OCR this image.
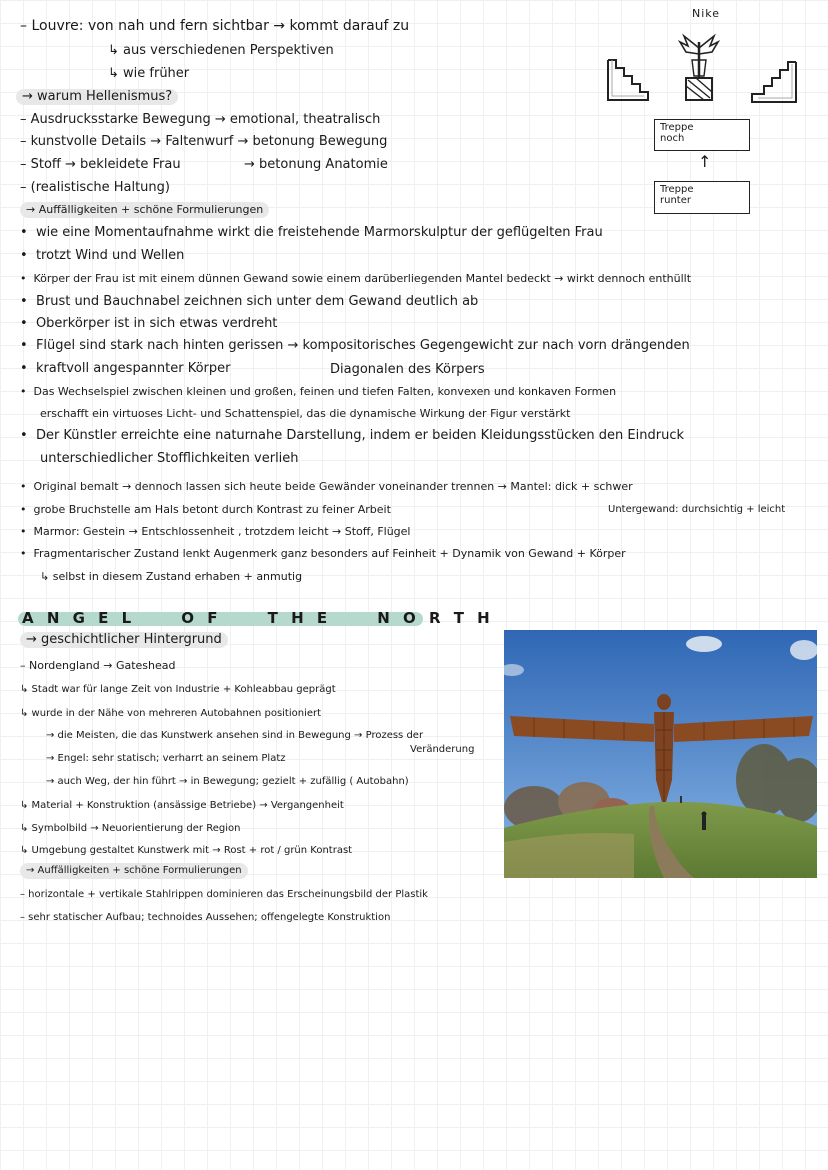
– Louvre: von nah und fern sichtbar → kommt darauf zu
↳ aus verschiedenen Perspektiven
↳ wie früher
→ warum Hellenismus?
– Ausdrucksstarke Bewegung → emotional, theatralisch
– kunstvolle Details → Faltenwurf → betonung Bewegung
– Stoff → bekleidete Frau	→ betonung Anatomie
– (realistische Haltung)
→ Auffälligkeiten + schöne Formulierungen
Nike
Treppe
noch
↑
Treppe
runter
•  wie eine Momentaufnahme wirkt die freistehende Marmorskulptur der geflügelten Frau
•  trotzt Wind und Wellen
•  Körper der Frau ist mit einem dünnen Gewand sowie einem darüberliegenden Mantel bedeckt → wirkt dennoch enthüllt
•  Brust und Bauchnabel zeichnen sich unter dem Gewand deutlich ab
•  Oberkörper ist in sich etwas verdreht
•  Flügel sind stark nach hinten gerissen → kompositorisches Gegengewicht zur nach vorn drängenden
•  kraftvoll angespannter Körper	Diagonalen des Körpers
•  Das Wechselspiel zwischen kleinen und großen, feinen und tiefen Falten, konvexen und konkaven Formen
erschafft ein virtuoses Licht- und Schattenspiel, das die dynamische Wirkung der Figur verstärkt
•  Der Künstler erreichte eine naturnahe Darstellung, indem er beiden Kleidungsstücken den Eindruck
unterschiedlicher Stofflichkeiten verlieh
•  Original bemalt → dennoch lassen sich heute beide Gewänder voneinander trennen → Mantel: dick + schwer
•  grobe Bruchstelle am Hals betont durch Kontrast zu feiner Arbeit	Untergewand: durchsichtig + leicht
•  Marmor: Gestein → Entschlossenheit , trotzdem leicht → Stoff, Flügel
•  Fragmentarischer Zustand lenkt Augenmerk ganz besonders auf Feinheit + Dynamik von Gewand + Körper
↳ selbst in diesem Zustand erhaben + anmutig
A N G E L     O F     T H E     N O R T H
→ geschichtlicher Hintergrund
– Nordengland → Gateshead
↳ Stadt war für lange Zeit von Industrie + Kohleabbau geprägt
↳ wurde in der Nähe von mehreren Autobahnen positioniert
→ die Meisten, die das Kunstwerk ansehen sind in Bewegung → Prozess der
Veränderung
→ Engel: sehr statisch; verharrt an seinem Platz
→ auch Weg, der hin führt → in Bewegung; gezielt + zufällig ( Autobahn)
↳ Material + Konstruktion (ansässige Betriebe) → Vergangenheit
↳ Symbolbild → Neuorientierung der Region
↳ Umgebung gestaltet Kunstwerk mit → Rost + rot / grün Kontrast
→ Auffälligkeiten + schöne Formulierungen
– horizontale + vertikale Stahlrippen dominieren das Erscheinungsbild der Plastik
– sehr statischer Aufbau; technoides Aussehen; offengelegte Konstruktion
